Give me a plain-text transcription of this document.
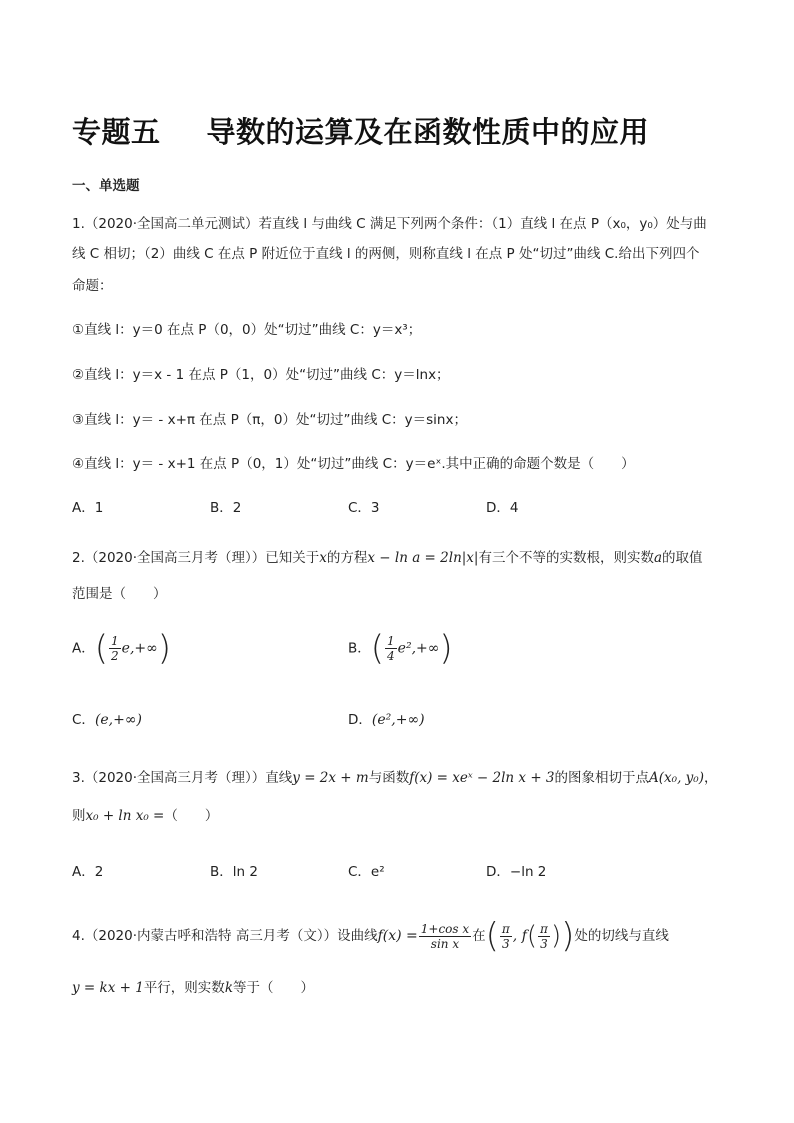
专题五 导数的运算及在函数性质中的应用
一、单选题
1.（2020·全国高二单元测试）若直线 l 与曲线 C 满足下列两个条件：（1）直线 l 在点 P（x₀，y₀）处与曲
线 C 相切；（2）曲线 C 在点 P 附近位于直线 l 的两侧，则称直线 l 在点 P 处“切过”曲线 C.给出下列四个
命题：
①直线 l：y＝0 在点 P（0，0）处“切过”曲线 C：y＝x³；
②直线 l：y＝x - 1 在点 P（1，0）处“切过”曲线 C：y＝lnx；
③直线 l：y＝ - x+π 在点 P（π，0）处“切过”曲线 C：y＝sinx；
④直线 l：y＝ - x+1 在点 P（0，1）处“切过”曲线 C：y＝eˣ.其中正确的命题个数是（　　）
A．1	B．2	C．3	D．4
2.（2020·全国高三月考（理））已知关于x的方程x − ln a = 2ln|x|有三个不等的实数根，则实数a的取值
范围是（　　）
A．( $\frac{1}{2} e,+\infty$)	B．( $\frac{1}{4} e^2,+\infty$)
C．(e,+∞)	D．(e²,+∞)
3.（2020·全国高三月考（理））直线y = 2x + m与函数f(x) = xeˣ − 2ln x + 3的图象相切于点A(x₀, y₀)，
则x₀ + ln x₀ =（　　）
A．2	B．ln 2	C．e²	D．−ln 2
4.（2020·内蒙古呼和浩特 高三月考（文））设曲线$f(x) = \frac{\text{1+cos x}}{\text{sin x}}$ 在( $\frac{\pi}{3}$ , $f( \frac{\pi}{3}$ ))处的切线与直线
y = kx + 1平行，则实数k等于（　　）
